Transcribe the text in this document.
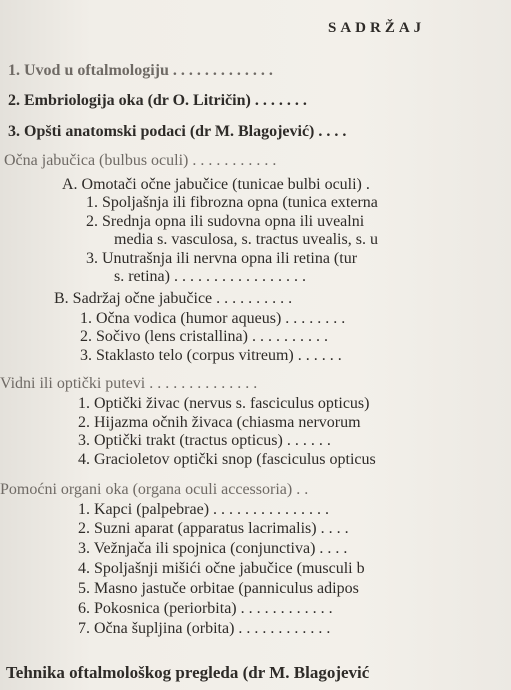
SADRŽAJ
1. Uvod u oftalmologiju . . . . . . . . . . . . .
2. Embriologija oka (dr O. Litričin) . . . . . . .
3. Opšti anatomski podaci (dr M. Blagojević) . . . .
Očna jabučica (bulbus oculi) . . . . . . . . . . .
A. Omotači očne jabučice (tunicae bulbi oculi) .
1. Spoljašnja ili fibrozna opna (tunica externa
2. Srednja opna ili sudovna opna ili uvealni
media s. vasculosa, s. tractus uvealis, s. u
3. Unutrašnja ili nervna opna ili retina (tur
s. retina) . . . . . . . . . . . . . . . . .
B. Sadržaj očne jabučice . . . . . . . . . .
1. Očna vodica (humor aqueus) . . . . . . . .
2. Sočivo (lens cristallina) . . . . . . . . . .
3. Staklasto telo (corpus vitreum) . . . . . .
Vidni ili optički putevi . . . . . . . . . . . . . .
1. Optički živac (nervus s. fasciculus opticus)
2. Hijazma očnih živaca (chiasma nervorum
3. Optički trakt (tractus opticus) . . . . . .
4. Gracioletov optički snop (fasciculus opticus
Pomoćni organi oka (organa oculi accessoria) . .
1. Kapci (palpebrae) . . . . . . . . . . . . . . .
2. Suzni aparat (apparatus lacrimalis) . . . .
3. Vežnjača ili spojnica (conjunctiva) . . . .
4. Spoljašnji mišići očne jabučice (musculi b
5. Masno jastuče orbitae (panniculus adipos
6. Pokosnica (periorbita) . . . . . . . . . . . .
7. Očna šupljina (orbita) . . . . . . . . . . . .
Tehnika oftalmološkog pregleda (dr M. Blagojević
